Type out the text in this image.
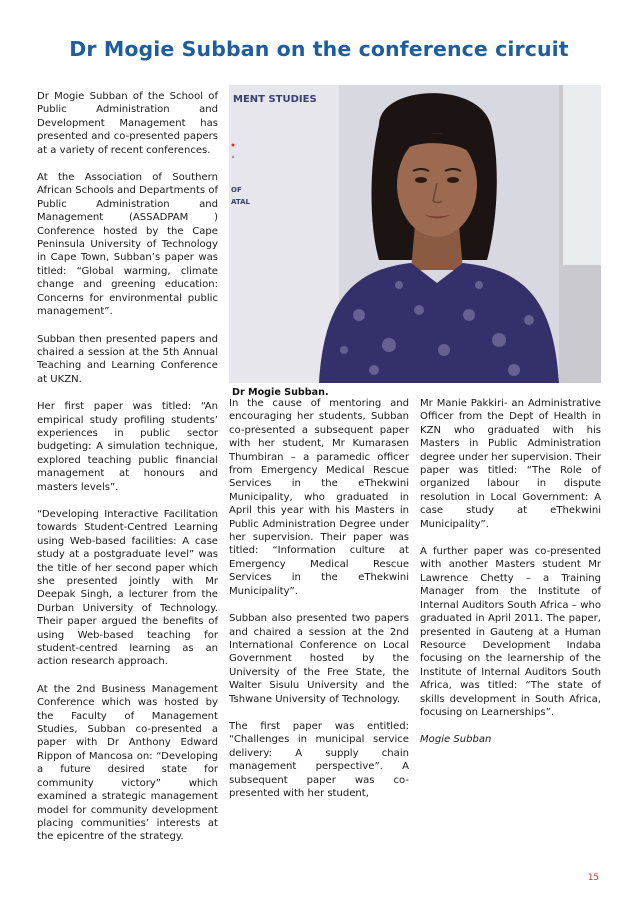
Dr Mogie Subban on the conference circuit

Dr Mogie Subban of the School of Public Administration and Development Management has presented and co-presented papers at a variety of recent conferences.

At the Association of Southern African Schools and Departments of Public Administration and Management (ASSADPAM ) Conference hosted by the Cape Peninsula University of Technology in Cape Town, Subban’s paper was titled: “Global warming, climate change and greening education: Concerns for environmental public management”.

Subban then presented papers and chaired a session at the 5th Annual Teaching and Learning Conference at UKZN.

Her first paper was titled: “An empirical study profiling students’ experiences in public sector budgeting: A simulation technique, explored teaching public financial management at honours and masters levels”.

“Developing Interactive Facilitation towards Student-Centred Learning using Web-based facilities: A case study at a postgraduate level” was the title of her second paper which she presented jointly with Mr Deepak Singh, a lecturer from the Durban University of Technology. Their paper argued the benefits of using Web-based teaching for student-centred learning as an action research approach.

At the 2nd Business Management Conference which was hosted by the Faculty of Management Studies, Subban co-presented a paper with Dr Anthony Edward Rippon of Mancosa on: “Developing a future desired state for community victory” which examined a strategic management model for community development placing communities’ interests at the epicentre of the strategy.

MENT STUDIES
OF
ATAL
Dr Mogie Subban.

In the cause of mentoring and encouraging her students, Subban co-presented a subsequent paper with her student, Mr Kumarasen Thumbiran – a paramedic officer from Emergency Medical Rescue Services in the eThekwini Municipality, who graduated in April this year with his Masters in Public Administration Degree under her supervision. Their paper was titled: “Information culture at Emergency Medical Rescue Services in the eThekwini Municipality”.

Subban also presented two papers and chaired a session at the 2nd International Conference on Local Government hosted by the University of the Free State, the Walter Sisulu University and the Tshwane University of Technology.

The first paper was entitled: “Challenges in municipal service delivery: A supply chain management perspective”. A subsequent paper was co-presented with her student,

Mr Manie Pakkiri- an Administrative Officer from the Dept of Health in KZN who graduated with his Masters in Public Administration degree under her supervision. Their paper was titled: “The Role of organized labour in dispute resolution in Local Government: A case study at eThekwini Municipality”.

A further paper was co-presented with another Masters student Mr Lawrence Chetty – a Training Manager from the Institute of Internal Auditors South Africa – who graduated in April 2011. The paper, presented in Gauteng at a Human Resource Development Indaba focusing on the learnership of the Institute of Internal Auditors South Africa, was titled: “The state of skills development in South Africa, focusing on Learnerships”.

Mogie Subban

15
